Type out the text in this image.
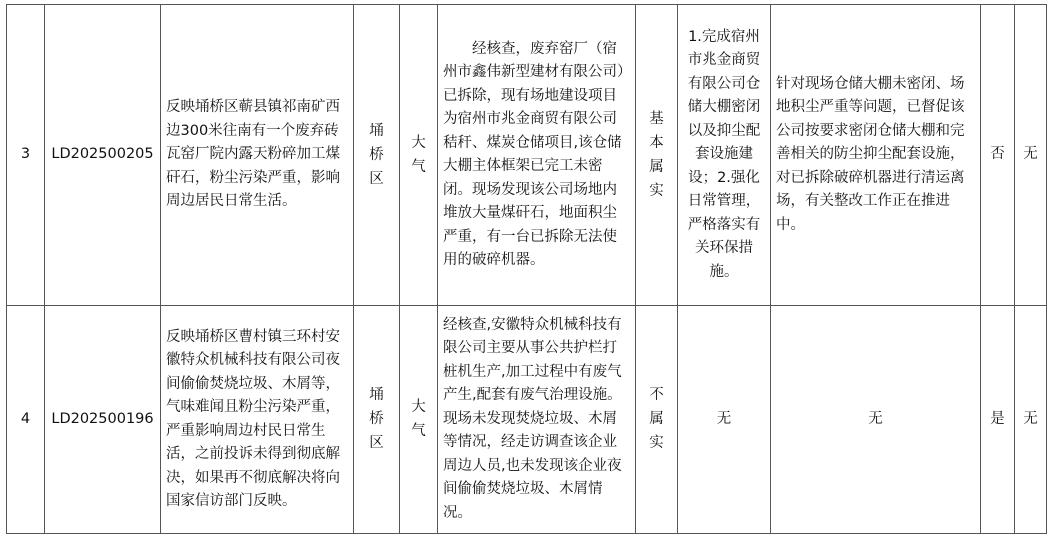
3	LD202500205	反映埇桥区蕲县镇祁南矿西边300米往南有一个废弃砖瓦窑厂院内露天粉碎加工煤矸石，粉尘污染严重，影响周边居民日常生活。	埇桥区	大气	经核查，废弃窑厂（宿州市鑫伟新型建材有限公司）已拆除，现有场地建设项目为宿州市兆金商贸有限公司秸秆、煤炭仓储项目,该仓储大棚主体框架已完工未密闭。现场发现该公司场地内堆放大量煤矸石，地面积尘严重，有一台已拆除无法使用的破碎机器。	基本属实	1.完成宿州市兆金商贸有限公司仓储大棚密闭以及抑尘配套设施建设；2.强化日常管理，严格落实有关环保措施。	针对现场仓储大棚未密闭、场地积尘严重等问题，已督促该公司按要求密闭仓储大棚和完善相关的防尘抑尘配套设施，对已拆除破碎机器进行清运离场，有关整改工作正在推进中。	否	无
4	LD202500196	反映埇桥区曹村镇三环村安徽特众机械科技有限公司夜间偷偷焚烧垃圾、木屑等，气味难闻且粉尘污染严重，严重影响周边村民日常生活，之前投诉未得到彻底解决，如果再不彻底解决将向国家信访部门反映。	埇桥区	大气	经核查,安徽特众机械科技有限公司主要从事公共护栏打桩机生产,加工过程中有废气产生,配套有废气治理设施。现场未发现焚烧垃圾、木屑等情况，经走访调查该企业周边人员,也未发现该企业夜间偷偷焚烧垃圾、木屑情况。	不属实	无	无	是	无
